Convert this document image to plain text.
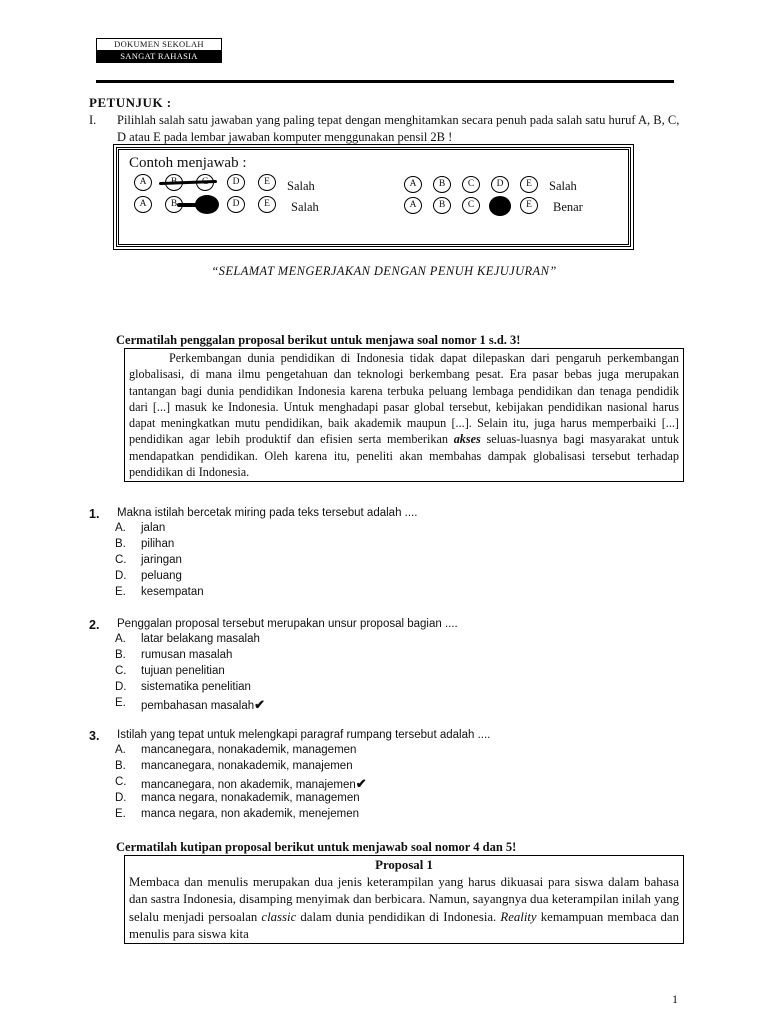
DOKUMEN SEKOLAH
SANGAT RAHASIA
PETUNJUK :
I. Pilihlah salah satu jawaban yang paling tepat dengan menghitamkan secara penuh pada salah satu huruf A, B, C, D atau E pada lembar jawaban komputer menggunakan pensil 2B !
Contoh menjawab :
A	D	E	Salah
A	B	D	E	Salah
A	B	C	D	E	Salah
A	B	C	E	Benar
“SELAMAT MENGERJAKAN DENGAN PENUH KEJUJURAN”
Cermatilah penggalan proposal berikut untuk menjawa soal nomor 1 s.d. 3!

Perkembangan dunia pendidikan di Indonesia tidak dapat dilepaskan dari pengaruh perkembangan globalisasi, di mana ilmu pengetahuan dan teknologi berkembang pesat. Era pasar bebas juga merupakan tantangan bagi dunia pendidikan Indonesia karena terbuka peluang lembaga pendidikan dan tenaga pendidik dari [...] masuk ke Indonesia. Untuk menghadapi pasar global tersebut, kebijakan pendidikan nasional harus dapat meningkatkan mutu pendidikan, baik akademik maupun [...]. Selain itu, juga harus memperbaiki [...] pendidikan agar lebih produktif dan efisien serta memberikan akses seluas-luasnya bagi masyarakat untuk mendapatkan pendidikan. Oleh karena itu, peneliti akan membahas dampak globalisasi tersebut terhadap pendidikan di Indonesia.

1. Makna istilah bercetak miring pada teks tersebut adalah ....
A.	jalan
B.	pilihan
C.	jaringan
D.	peluang
E.	kesempatan
2. Penggalan proposal tersebut merupakan unsur proposal bagian ....
A.	latar belakang masalah
B.	rumusan masalah
C.	tujuan penelitian
D.	sistematika penelitian
E.	pembahasan masalah✔
3. Istilah yang tepat untuk melengkapi paragraf rumpang tersebut adalah ....
A.	mancanegara, nonakademik, managemen
B.	mancanegara, nonakademik, manajemen
C.	mancanegara, non akademik, manajemen✔
D.	manca negara, nonakademik, managemen
E.	manca negara, non akademik, menejemen
Cermatilah kutipan proposal berikut untuk menjawab soal nomor 4 dan 5!
Proposal 1
Membaca dan menulis merupakan dua jenis keterampilan yang harus dikuasai para siswa dalam bahasa dan sastra Indonesia, disamping menyimak dan berbicara. Namun, sayangnya dua keterampilan inilah yang selalu menjadi persoalan classic dalam dunia pendidikan di Indonesia. Reality kemampuan membaca dan menulis para siswa kita
1
